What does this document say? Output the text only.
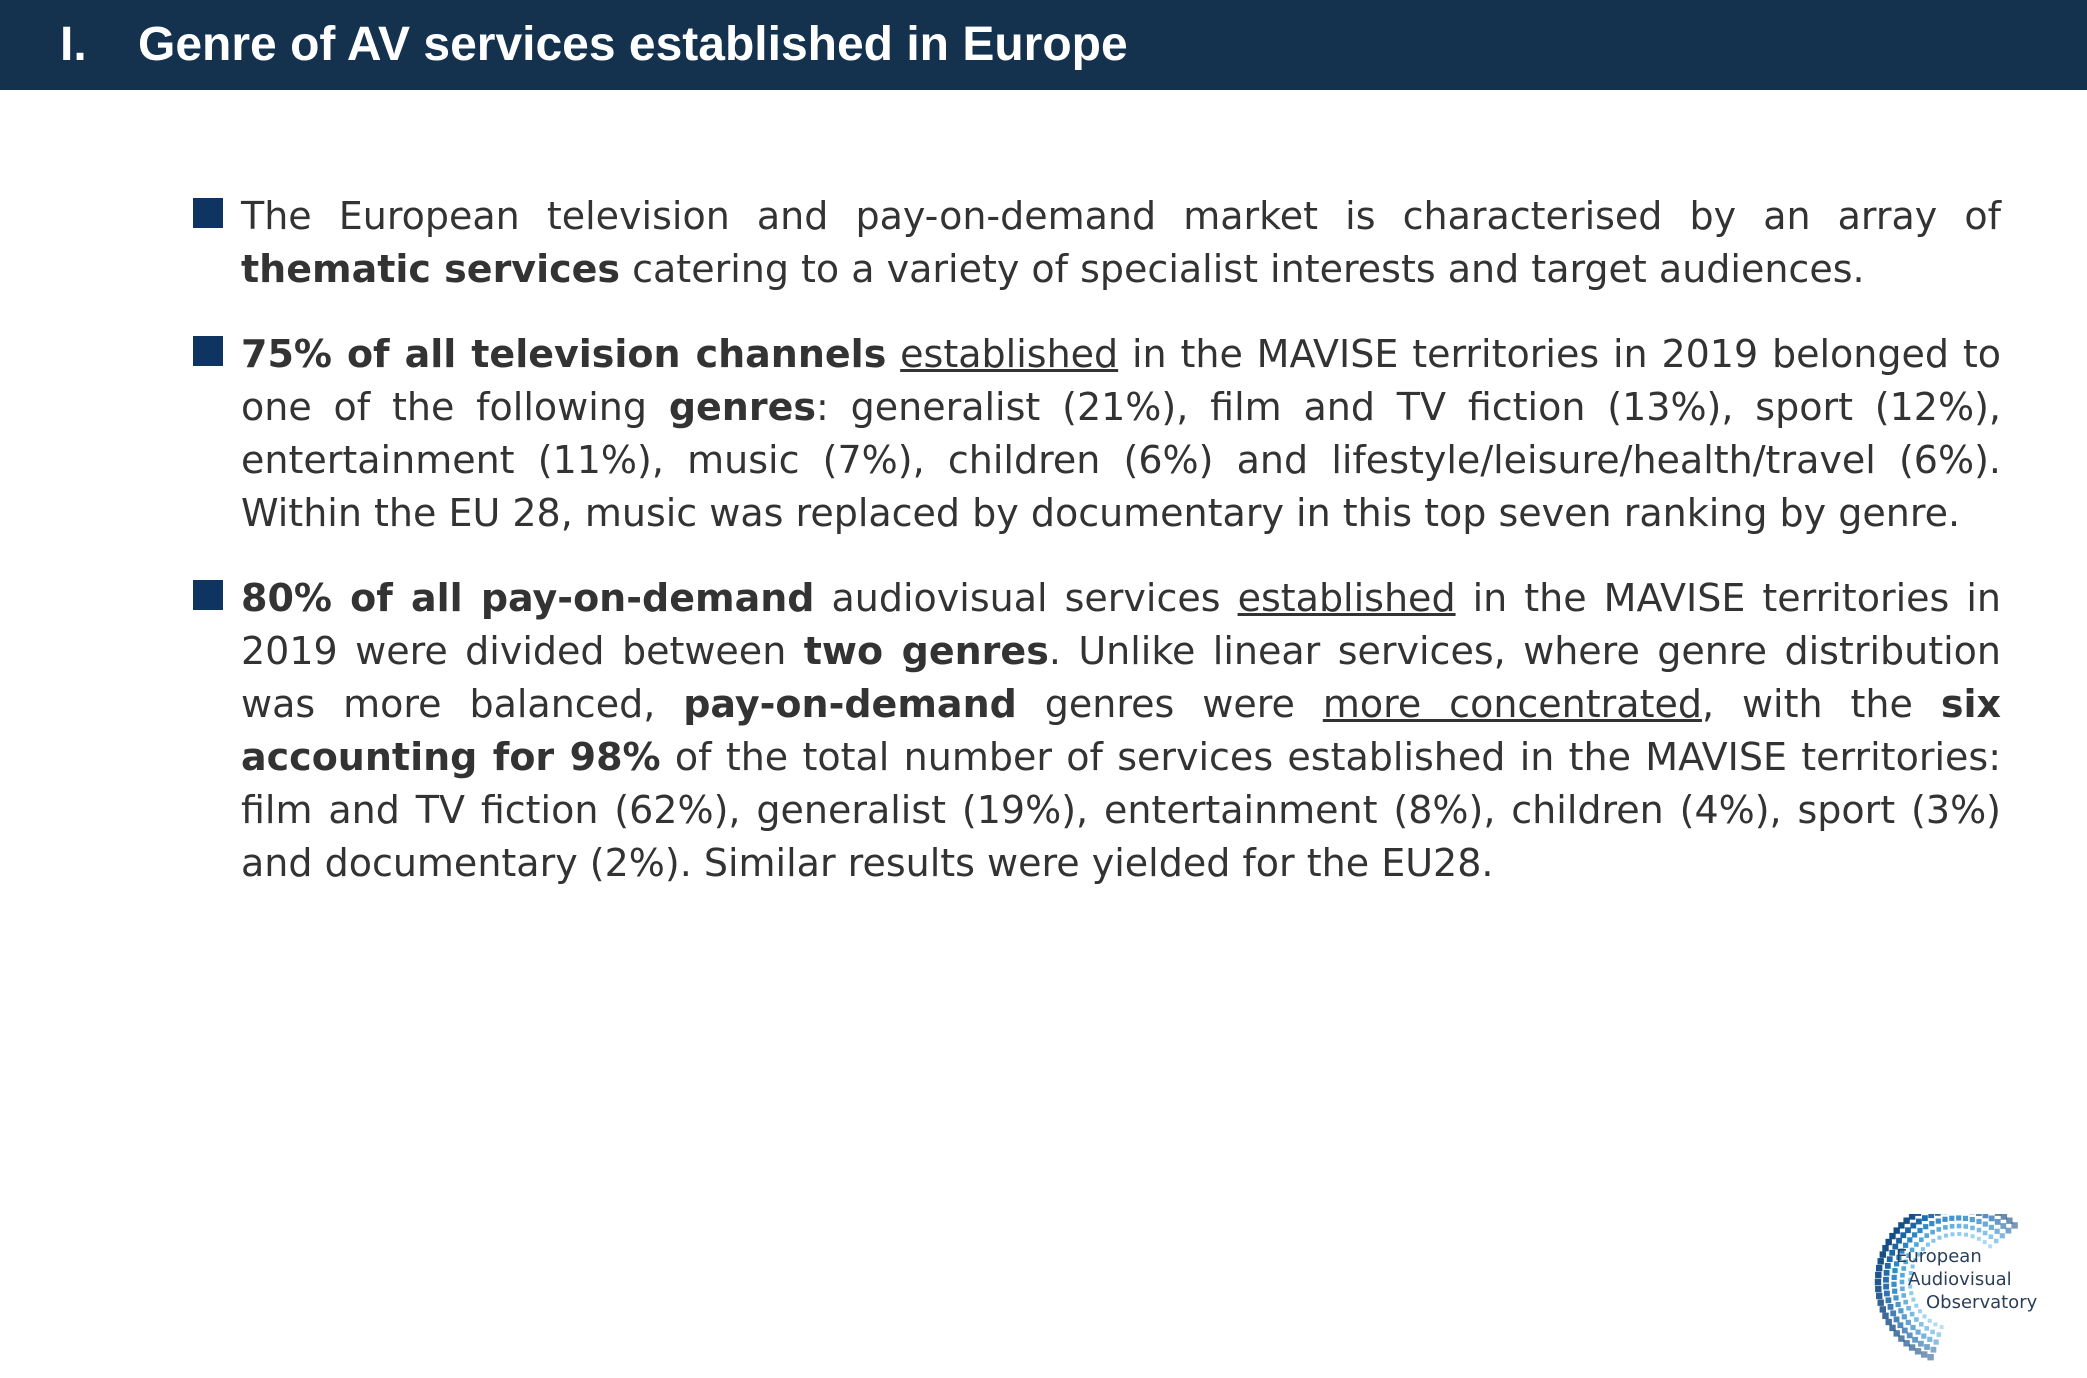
I. Genre of AV services established in Europe
The European television and pay-on-demand market is characterised by an array of thematic services catering to a variety of specialist interests and target audiences.
75% of all television channels established in the MAVISE territories in 2019 belonged to one of the following genres: generalist (21%), film and TV fiction (13%), sport (12%), entertainment (11%), music (7%), children (6%) and lifestyle/leisure/health/travel (6%). Within the EU 28, music was replaced by documentary in this top seven ranking by genre.
80% of all pay-on-demand audiovisual services established in the MAVISE territories in 2019 were divided between two genres. Unlike linear services, where genre distribution was more balanced, pay-on-demand genres were more concentrated, with the six accounting for 98% of the total number of services established in the MAVISE territories: film and TV fiction (62%), generalist (19%), entertainment (8%), children (4%), sport (3%) and documentary (2%). Similar results were yielded for the EU28.
European
Audiovisual
Observatory
